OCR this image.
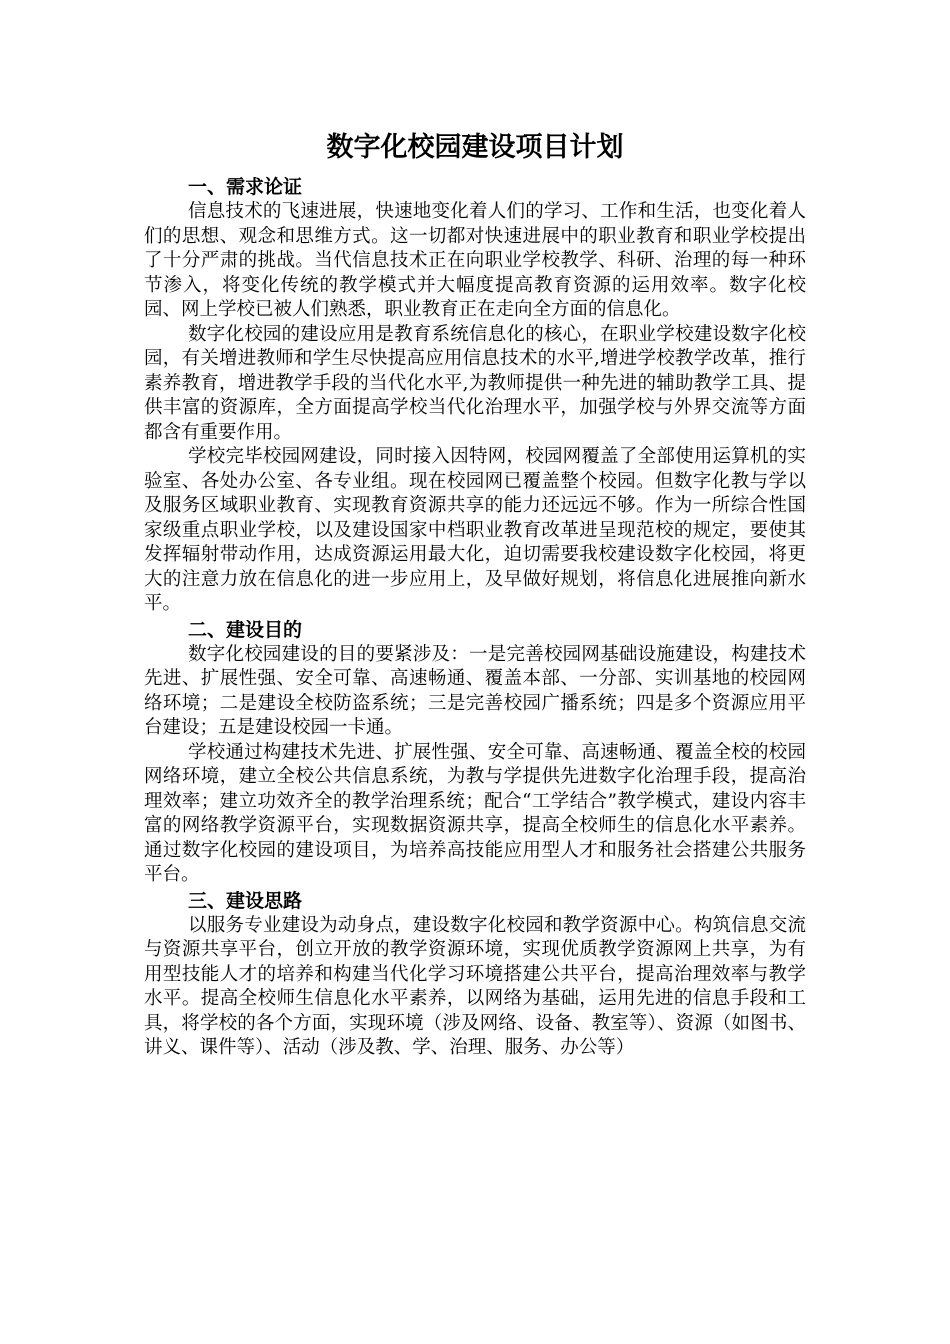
数字化校园建设项目计划
一、需求论证

信息技术的飞速进展，快速地变化着人们的学习、工作和生活，也变化着人们的思想、观念和思维方式。这一切都对快速进展中的职业教育和职业学校提出了十分严肃的挑战。当代信息技术正在向职业学校教学、科研、治理的每一种环节渗入，将变化传统的教学模式并大幅度提高教育资源的运用效率。数字化校园、网上学校已被人们熟悉，职业教育正在走向全方面的信息化。

数字化校园的建设应用是教育系统信息化的核心，在职业学校建设数字化校园，有关增进教师和学生尽快提高应用信息技术的水平,增进学校教学改革，推行素养教育，增进教学手段的当代化水平,为教师提供一种先进的辅助教学工具、提供丰富的资源库，全方面提高学校当代化治理水平，加强学校与外界交流等方面都含有重要作用。

学校完毕校园网建设，同时接入因特网，校园网覆盖了全部使用运算机的实验室、各处办公室、各专业组。现在校园网已覆盖整个校园。但数字化教与学以及服务区域职业教育、实现教育资源共享的能力还远远不够。作为一所综合性国家级重点职业学校，以及建设国家中档职业教育改革进呈现范校的规定，要使其发挥辐射带动作用，达成资源运用最大化，迫切需要我校建设数字化校园，将更大的注意力放在信息化的进一步应用上，及早做好规划，将信息化进展推向新水平。

二、建设目的

数字化校园建设的目的要紧涉及：一是完善校园网基础设施建设，构建技术先进、扩展性强、安全可靠、高速畅通、覆盖本部、一分部、实训基地的校园网络环境；二是建设全校防盗系统；三是完善校园广播系统；四是多个资源应用平台建设；五是建设校园一卡通。

学校通过构建技术先进、扩展性强、安全可靠、高速畅通、覆盖全校的校园网络环境，建立全校公共信息系统，为教与学提供先进数字化治理手段，提高治理效率；建立功效齐全的教学治理系统；配合“工学结合”教学模式，建设内容丰富的网络教学资源平台，实现数据资源共享，提高全校师生的信息化水平素养。通过数字化校园的建设项目，为培养高技能应用型人才和服务社会搭建公共服务平台。

三、建设思路

以服务专业建设为动身点，建设数字化校园和教学资源中心。构筑信息交流与资源共享平台，创立开放的教学资源环境，实现优质教学资源网上共享，为有用型技能人才的培养和构建当代化学习环境搭建公共平台，提高治理效率与教学水平。提高全校师生信息化水平素养，以网络为基础，运用先进的信息手段和工具，将学校的各个方面，实现环境（涉及网络、设备、教室等）、资源（如图书、讲义、课件等）、活动（涉及教、学、治理、服务、办公等）
